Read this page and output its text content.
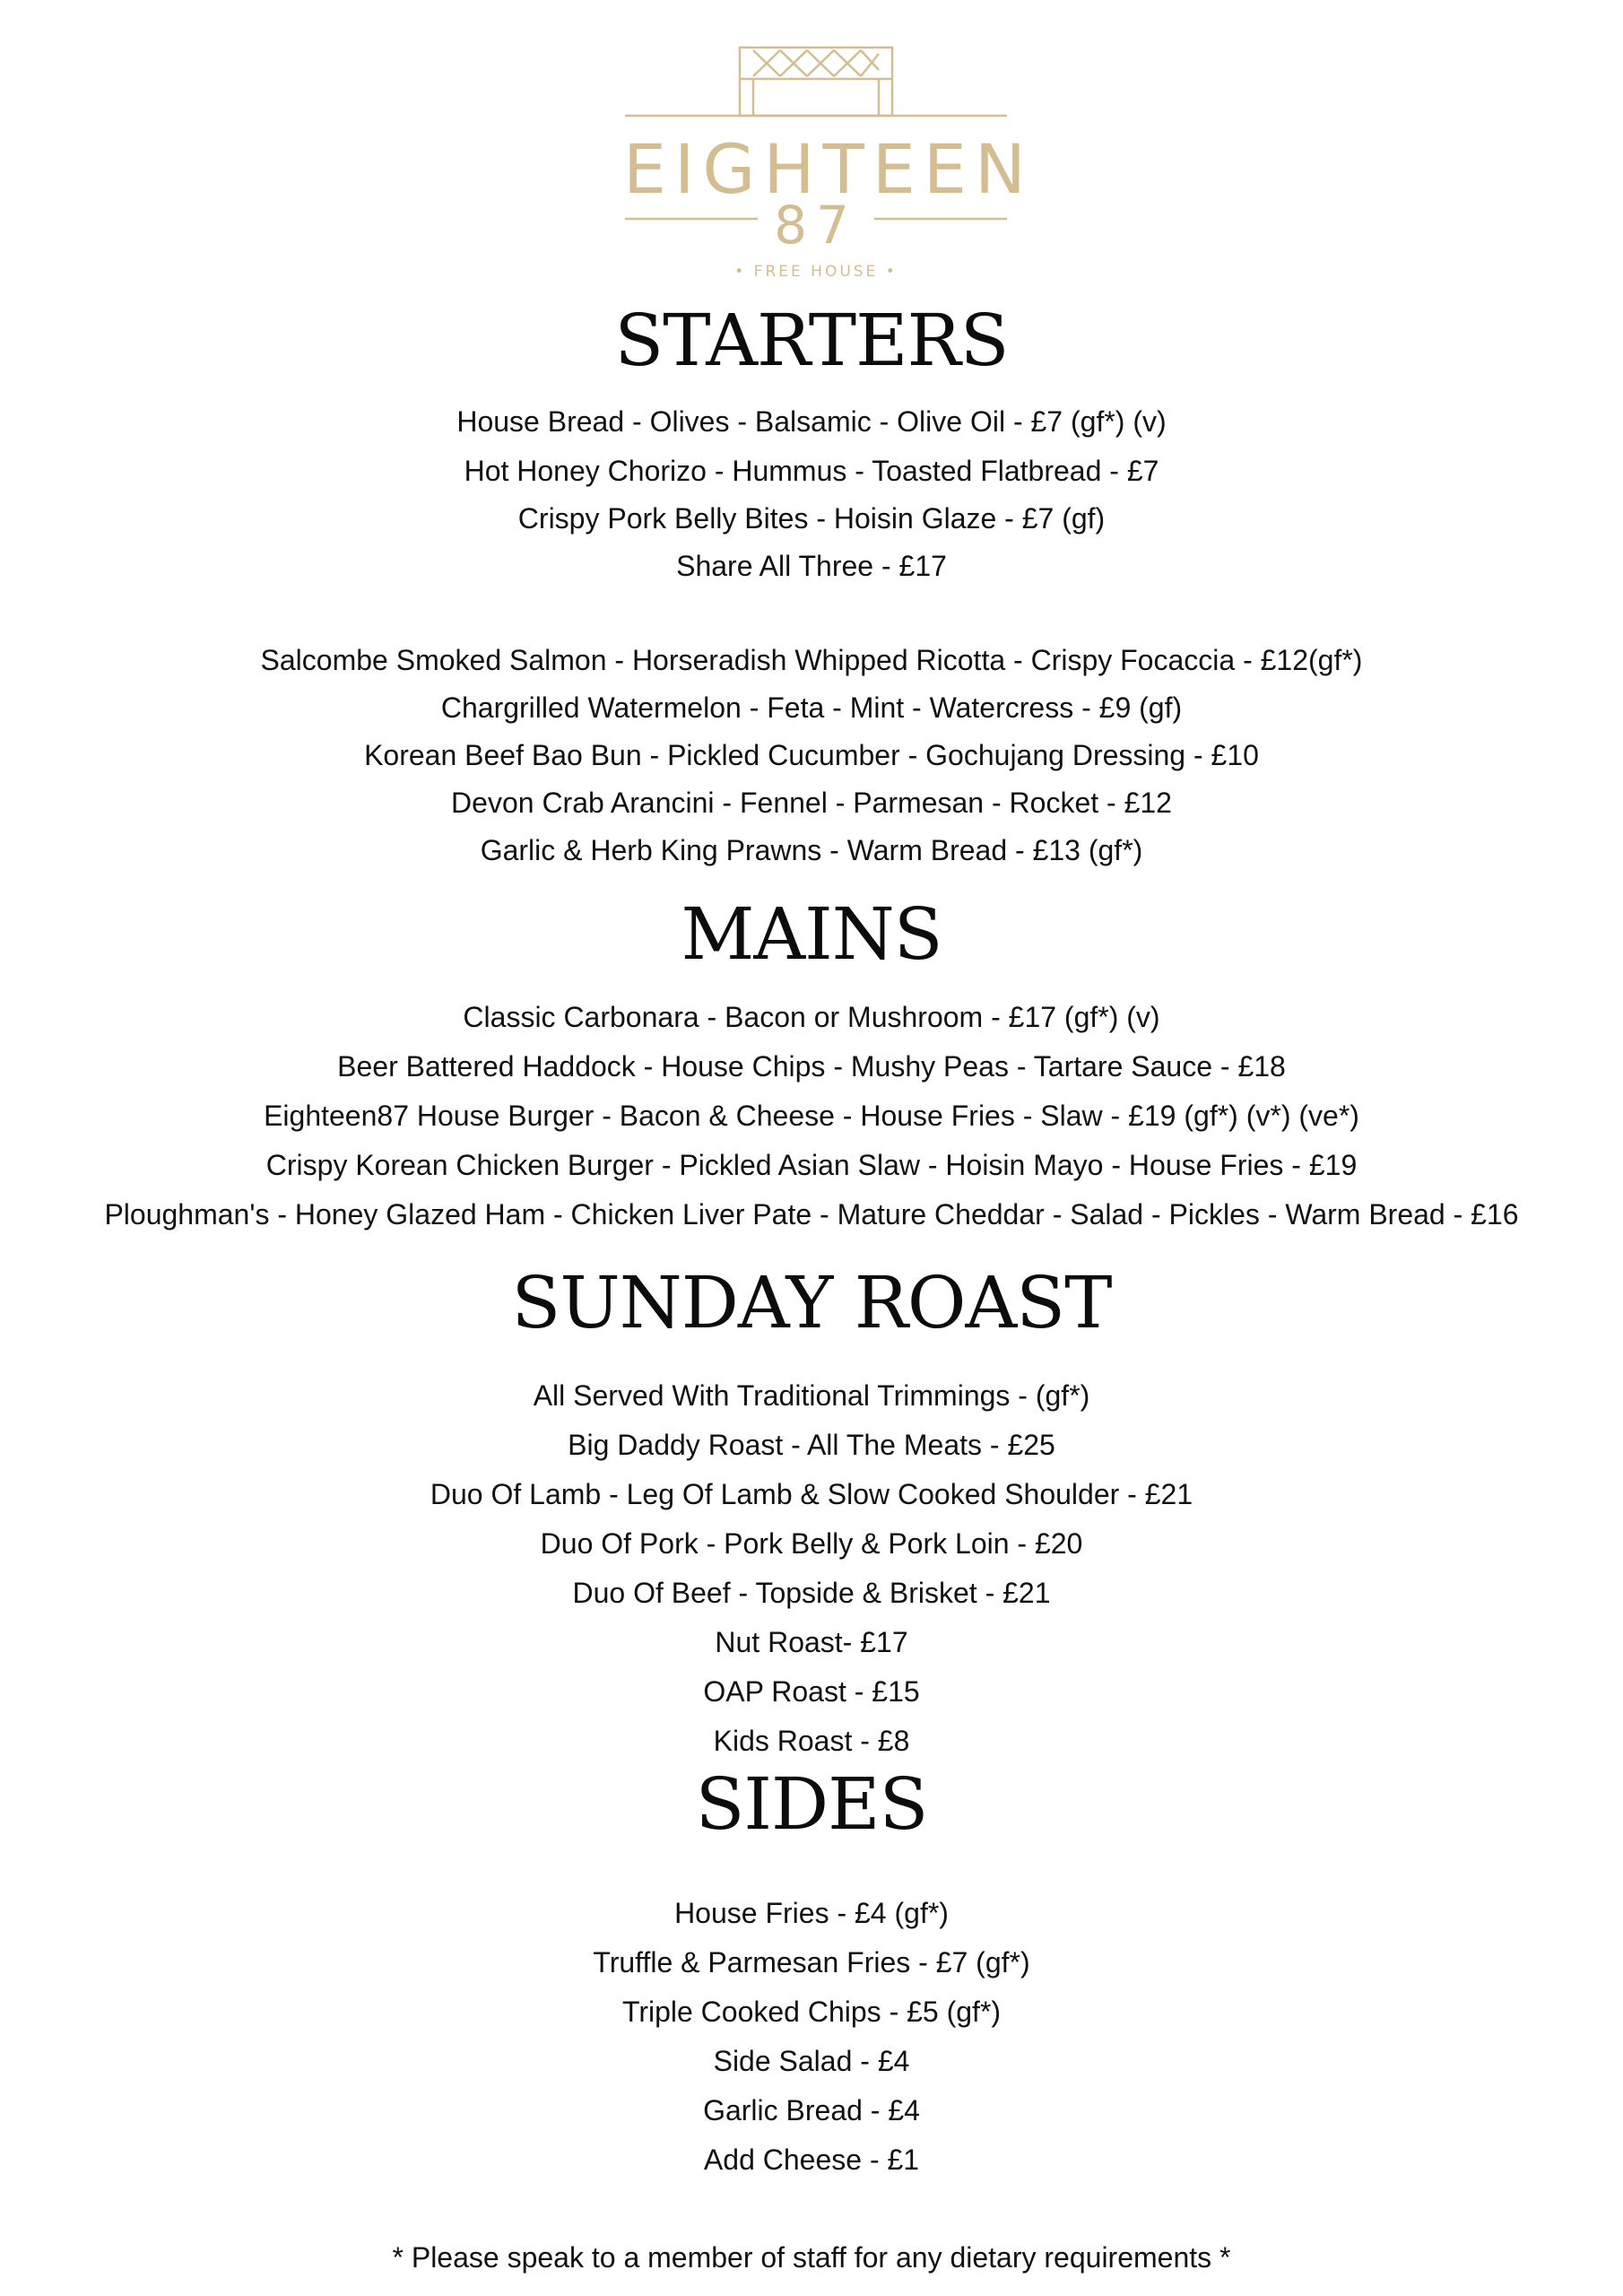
EIGHTEEN
87
• FREE HOUSE •
STARTERS
House Bread - Olives - Balsamic - Olive Oil - £7 (gf*) (v)
Hot Honey Chorizo - Hummus - Toasted Flatbread - £7
Crispy Pork Belly Bites - Hoisin Glaze - £7 (gf)
Share All Three - £17
Salcombe Smoked Salmon - Horseradish Whipped Ricotta - Crispy Focaccia - £12(gf*)
Chargrilled Watermelon - Feta - Mint - Watercress - £9 (gf)
Korean Beef Bao Bun - Pickled Cucumber - Gochujang Dressing - £10
Devon Crab Arancini - Fennel - Parmesan - Rocket - £12
Garlic & Herb King Prawns - Warm Bread - £13 (gf*)
MAINS
Classic Carbonara - Bacon or Mushroom - £17 (gf*) (v)
Beer Battered Haddock - House Chips - Mushy Peas - Tartare Sauce - £18
Eighteen87 House Burger - Bacon & Cheese - House Fries - Slaw - £19 (gf*) (v*) (ve*)
Crispy Korean Chicken Burger - Pickled Asian Slaw - Hoisin Mayo - House Fries - £19
Ploughman's - Honey Glazed Ham - Chicken Liver Pate - Mature Cheddar - Salad - Pickles - Warm Bread - £16
SUNDAY ROAST
All Served With Traditional Trimmings - (gf*)
Big Daddy Roast - All The Meats - £25
Duo Of Lamb - Leg Of Lamb & Slow Cooked Shoulder - £21
Duo Of Pork - Pork Belly & Pork Loin - £20
Duo Of Beef - Topside & Brisket - £21
Nut Roast- £17
OAP Roast - £15
Kids Roast - £8
SIDES
House Fries - £4 (gf*)
Truffle & Parmesan Fries - £7 (gf*)
Triple Cooked Chips - £5 (gf*)
Side Salad - £4
Garlic Bread - £4
Add Cheese - £1
* Please speak to a member of staff for any dietary requirements *
